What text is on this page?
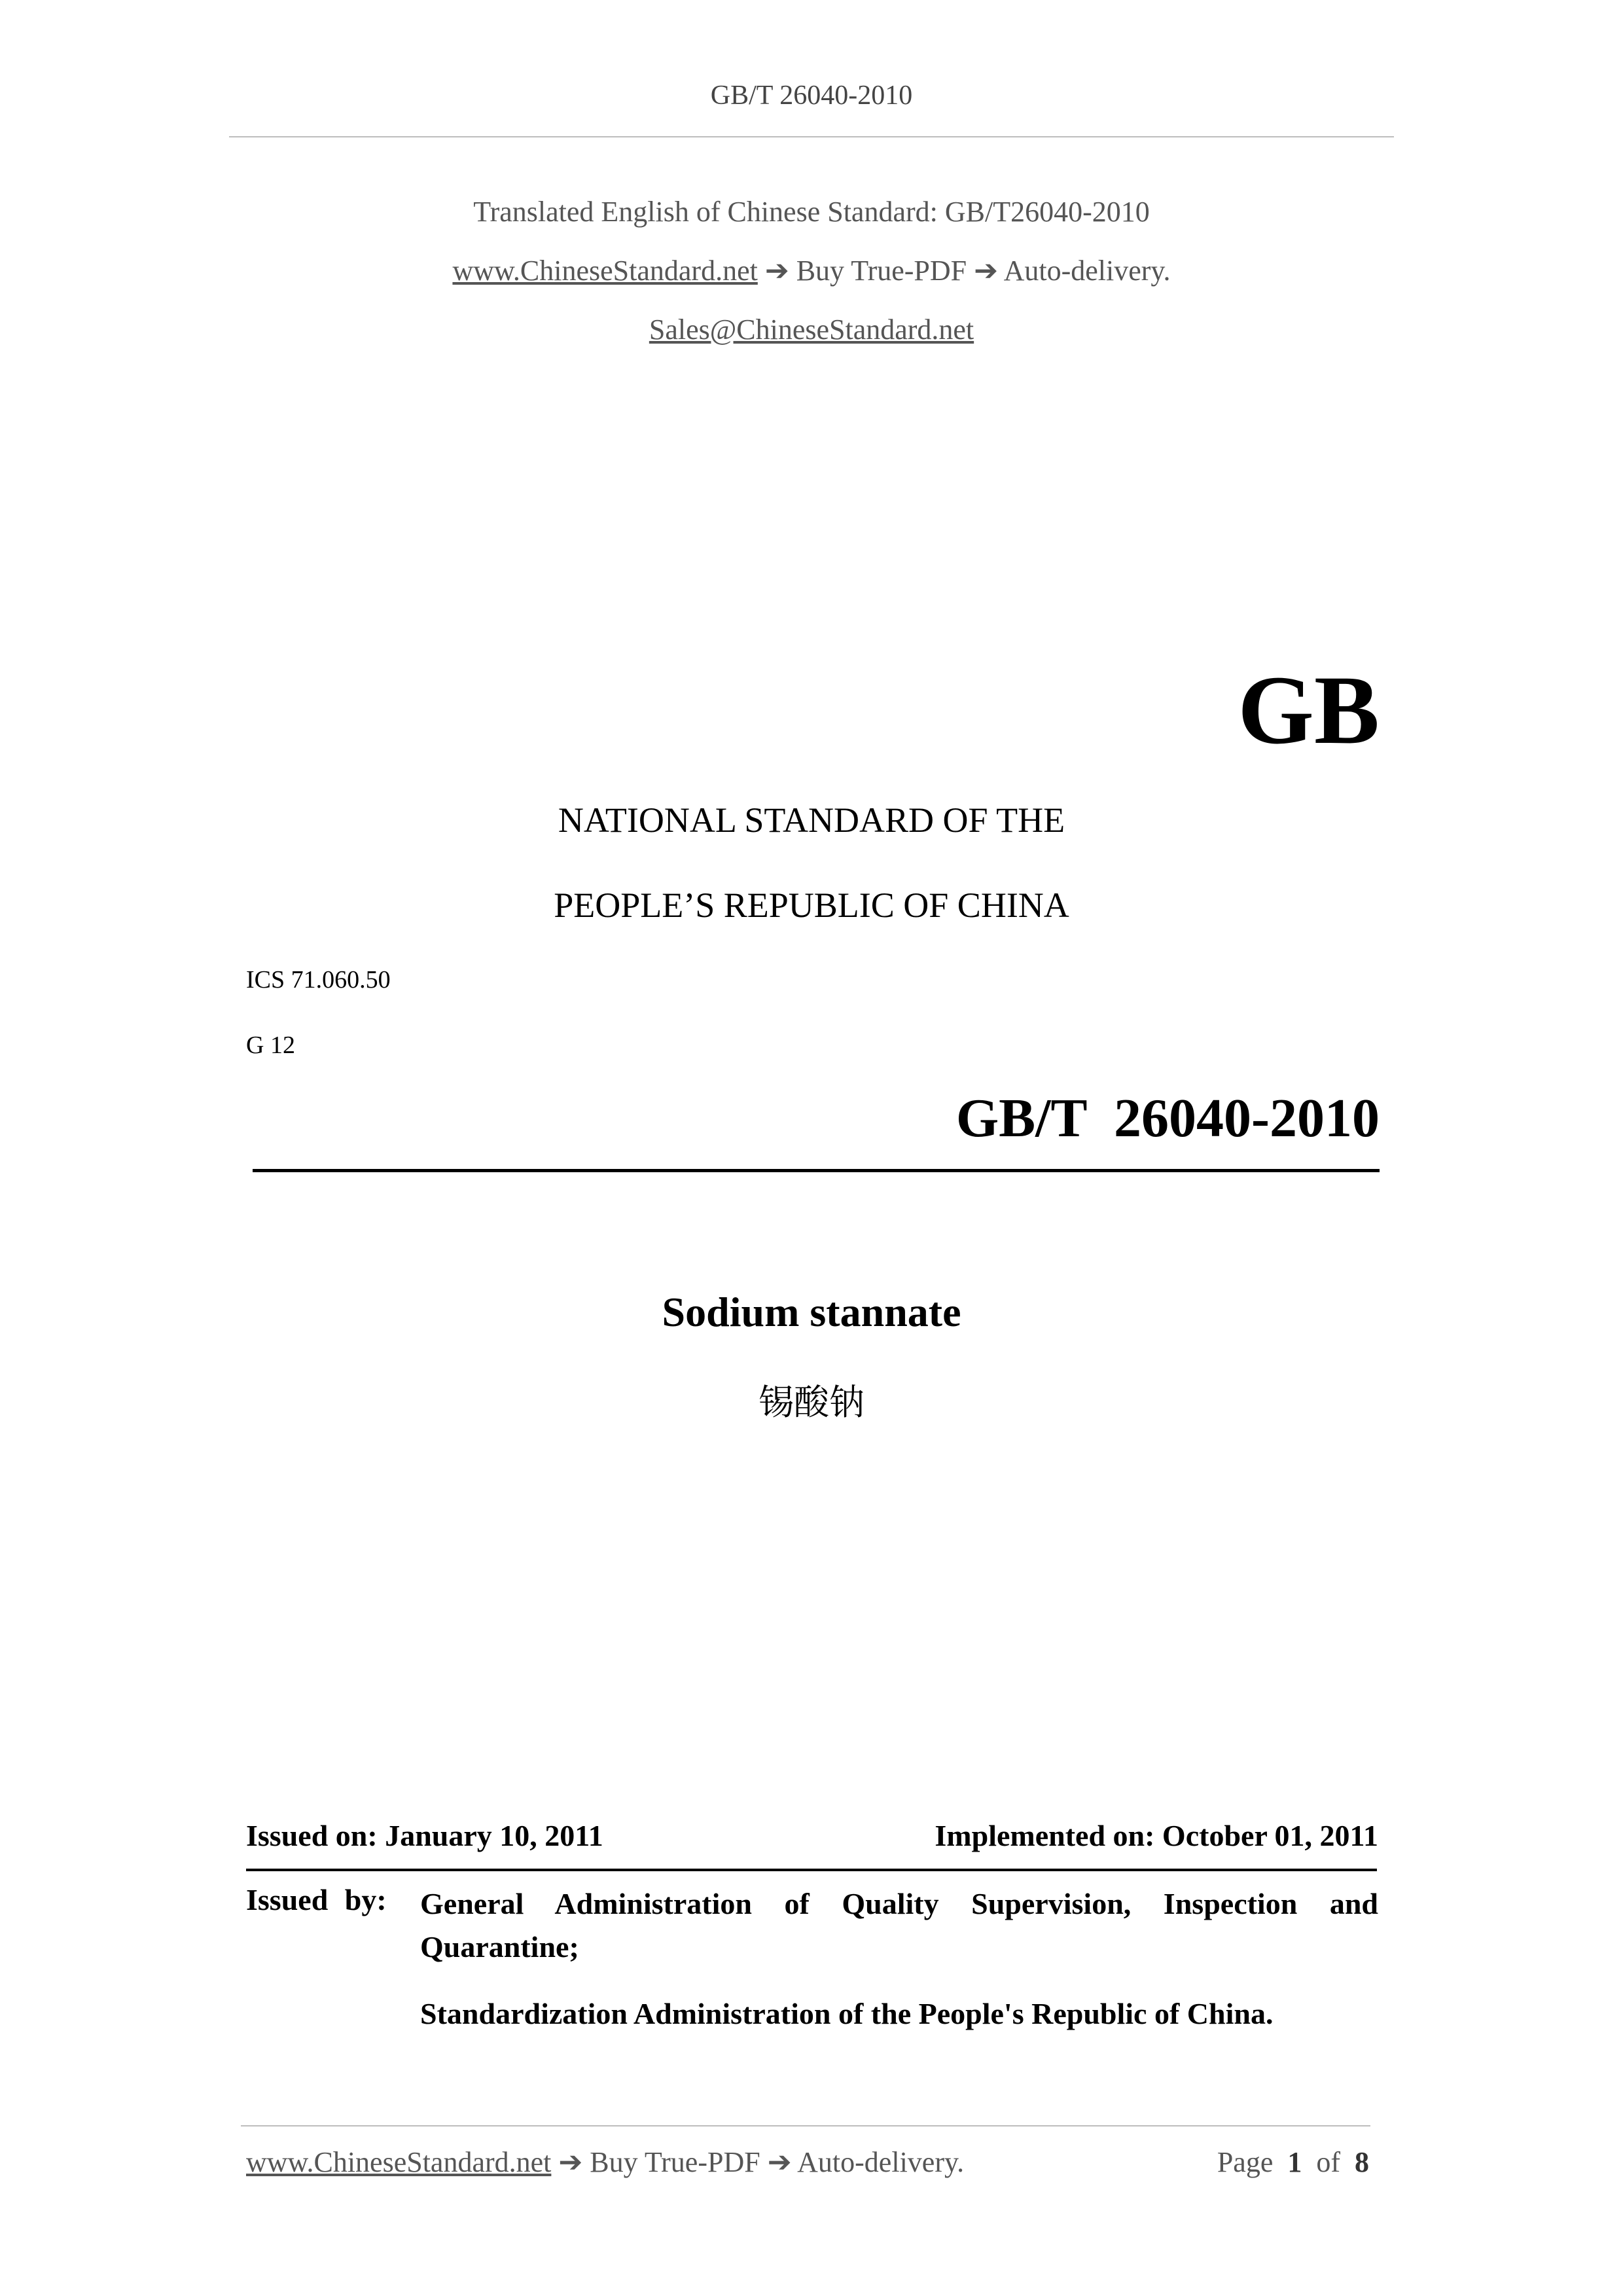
GB/T 26040-2010
Translated English of Chinese Standard: GB/T26040-2010
www.ChineseStandard.net ➔ Buy True-PDF ➔ Auto-delivery.
Sales@ChineseStandard.net
GB
NATIONAL STANDARD OF THE
PEOPLE’S REPUBLIC OF CHINA
ICS 71.060.50
G 12
GB/T  26040-2010
Sodium stannate
锡酸钠
Issued on: January 10, 2011	Implemented on: October 01, 2011
Issued by: General Administration of Quality Supervision, Inspection and Quarantine;

Standardization Administration of the People's Republic of China.

www.ChineseStandard.net ➔ Buy True-PDF ➔ Auto-delivery.	Page 1 of 8
